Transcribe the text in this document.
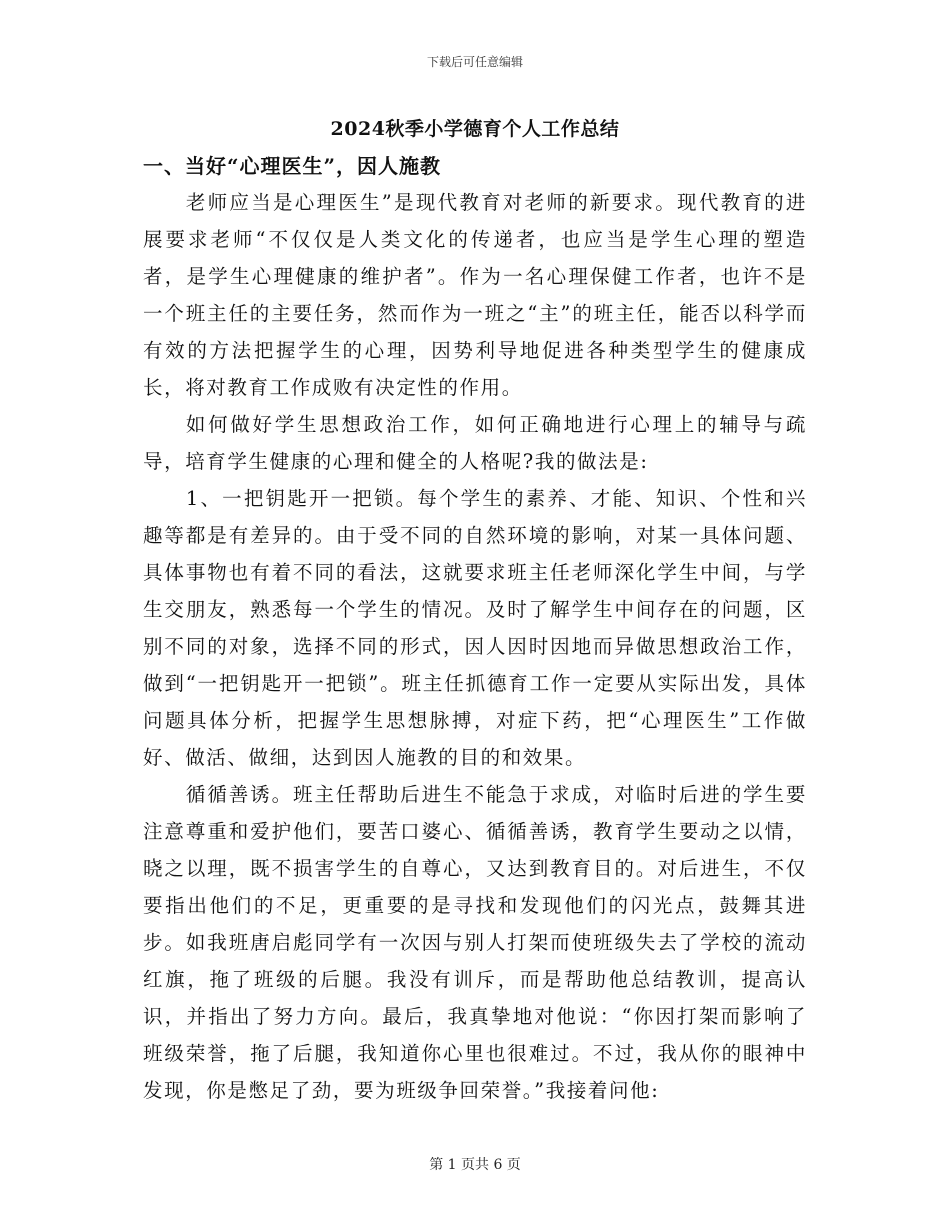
下载后可任意编辑
2024秋季小学德育个人工作总结
一、当好“心理医生”，因人施教

老师应当是心理医生”是现代教育对老师的新要求。现代教育的进展要求老师“不仅仅是人类文化的传递者，也应当是学生心理的塑造者，是学生心理健康的维护者”。作为一名心理保健工作者，也许不是一个班主任的主要任务，然而作为一班之“主”的班主任，能否以科学而有效的方法把握学生的心理，因势利导地促进各种类型学生的健康成长，将对教育工作成败有决定性的作用。

如何做好学生思想政治工作，如何正确地进行心理上的辅导与疏导，培育学生健康的心理和健全的人格呢?我的做法是:

1、一把钥匙开一把锁。每个学生的素养、才能、知识、个性和兴趣等都是有差异的。由于受不同的自然环境的影响，对某一具体问题、具体事物也有着不同的看法，这就要求班主任老师深化学生中间，与学生交朋友，熟悉每一个学生的情况。及时了解学生中间存在的问题，区别不同的对象，选择不同的形式，因人因时因地而异做思想政治工作，做到“一把钥匙开一把锁”。班主任抓德育工作一定要从实际出发，具体问题具体分析，把握学生思想脉搏，对症下药，把“心理医生”工作做好、做活、做细，达到因人施教的目的和效果。

循循善诱。班主任帮助后进生不能急于求成，对临时后进的学生要注意尊重和爱护他们，要苦口婆心、循循善诱，教育学生要动之以情，晓之以理，既不损害学生的自尊心，又达到教育目的。对后进生，不仅要指出他们的不足，更重要的是寻找和发现他们的闪光点，鼓舞其进步。如我班唐启彪同学有一次因与别人打架而使班级失去了学校的流动红旗，拖了班级的后腿。我没有训斥，而是帮助他总结教训，提高认识，并指出了努力方向。最后，我真挚地对他说：“你因打架而影响了班级荣誉，拖了后腿，我知道你心里也很难过。不过，我从你的眼神中发现，你是憋足了劲，要为班级争回荣誉。”我接着问他:

第 1 页共 6 页
